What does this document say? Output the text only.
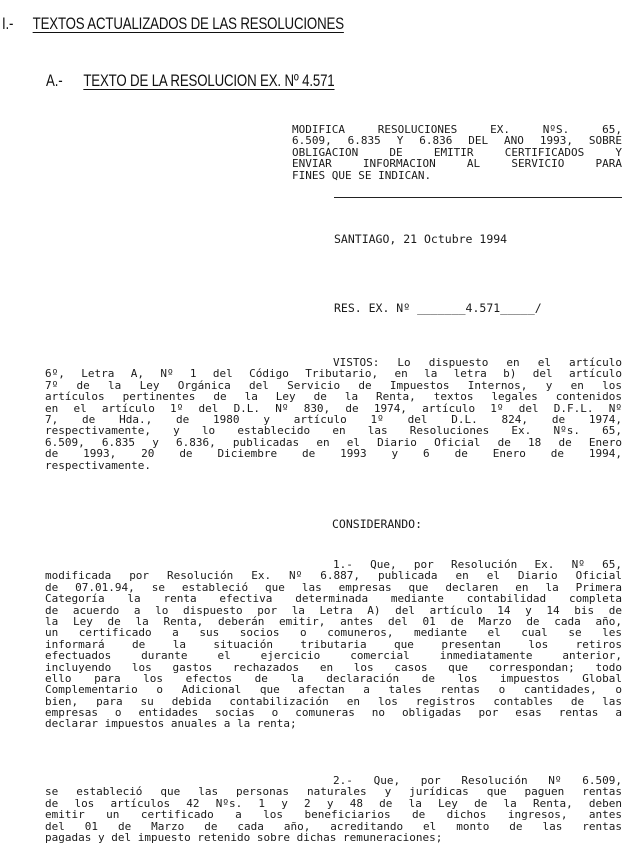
I.- TEXTOS ACTUALIZADOS DE LAS RESOLUCIONES
A.- TEXTO DE LA RESOLUCION EX. Nº 4.571
MODIFICA RESOLUCIONES EX. NºS. 65,
6.509, 6.835 Y 6.836 DEL AÑO 1993, SOBRE
OBLIGACION DE EMITIR CERTIFICADOS Y
ENVIAR INFORMACION AL SERVICIO PARA
FINES QUE SE INDICAN.
SANTIAGO, 21 Octubre 1994
RES. EX. Nº _______4.571_____/
VISTOS: Lo dispuesto en el artículo
6º, Letra A, Nº 1 del Código Tributario, en la letra b) del artículo
7º de la Ley Orgánica del Servicio de Impuestos Internos, y en los
artículos pertinentes de la Ley de la Renta, textos legales contenidos
en el artículo 1º del D.L. Nº 830, de 1974, artículo 1º del D.F.L. Nº
7, de Hda., de 1980 y artículo 1º del D.L. 824, de 1974,
respectivamente, y lo establecido en las Resoluciones Ex. Nºs. 65,
6.509, 6.835 y 6.836, publicadas en el Diario Oficial de 18 de Enero
de 1993, 20 de Diciembre de 1993 y 6 de Enero de 1994,
respectivamente.
CONSIDERANDO:
1.- Que, por Resolución Ex. Nº 65,
modificada por Resolución Ex. Nº 6.887, publicada en el Diario Oficial
de 07.01.94, se estableció que las empresas que declaren en la Primera
Categoría la renta efectiva determinada mediante contabilidad completa
de acuerdo a lo dispuesto por la Letra A) del artículo 14 y 14 bis de
la Ley de la Renta, deberán emitir, antes del 01 de Marzo de cada año,
un certificado a sus socios o comuneros, mediante el cual se les
informará de la situación tributaria que presentan los retiros
efectuados durante el ejercicio comercial inmediatamente anterior,
incluyendo los gastos rechazados en los casos que correspondan; todo
ello para los efectos de la declaración de los impuestos Global
Complementario o Adicional que afectan a tales rentas o cantidades, o
bien, para su debida contabilización en los registros contables de las
empresas o entidades socias o comuneras no obligadas por esas rentas a
declarar impuestos anuales a la renta;
2.- Que, por Resolución Nº 6.509,
se estableció que las personas naturales y jurídicas que paguen rentas
de los artículos 42 Nºs. 1 y 2 y 48 de la Ley de la Renta, deben
emitir un certificado a los beneficiarios de dichos ingresos, antes
del 01 de Marzo de cada año, acreditando el monto de las rentas
pagadas y del impuesto retenido sobre dichas remuneraciones;
